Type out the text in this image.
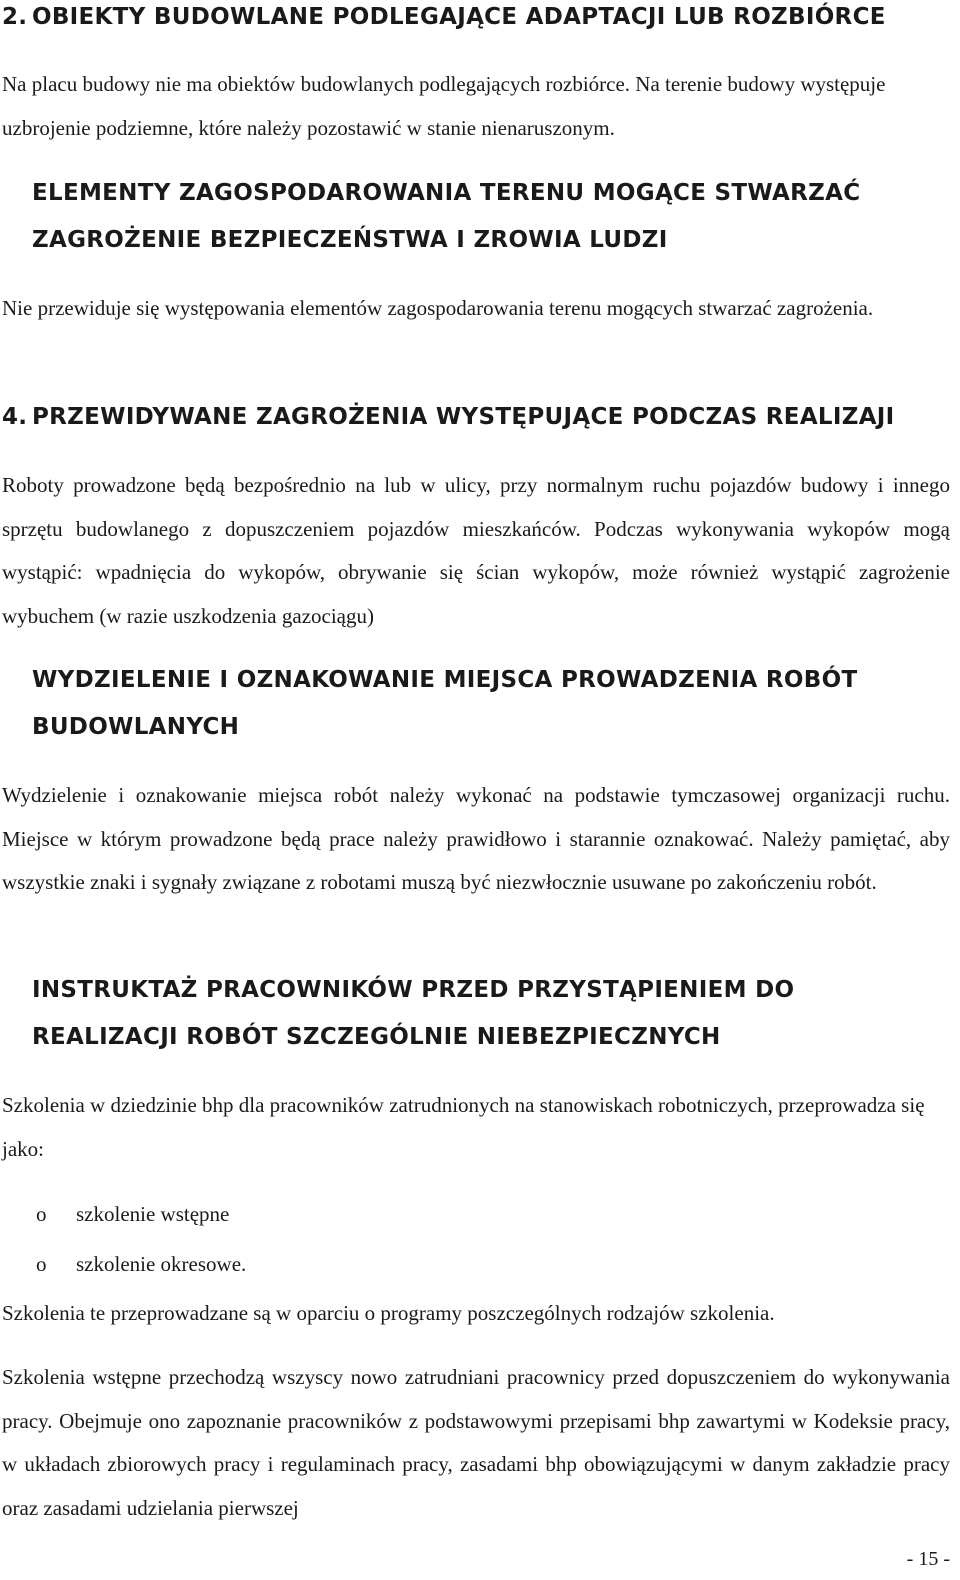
2. OBIEKTY BUDOWLANE PODLEGAJĄCE ADAPTACJI LUB ROZBIÓRCE

Na placu budowy nie ma obiektów budowlanych podlegających rozbiórce. Na terenie budowy występuje uzbrojenie podziemne, które należy pozostawić w stanie nienaruszonym.

ELEMENTY ZAGOSPODAROWANIA TERENU MOGĄCE STWARZAĆ ZAGROŻENIE BEZPIECZEŃSTWA I ZROWIA LUDZI

Nie przewiduje się występowania elementów zagospodarowania terenu mogących stwarzać zagrożenia.

4. PRZEWIDYWANE ZAGROŻENIA WYSTĘPUJĄCE PODCZAS REALIZAJI

Roboty prowadzone będą bezpośrednio na lub w ulicy, przy normalnym ruchu pojazdów budowy i innego sprzętu budowlanego z dopuszczeniem pojazdów mieszkańców. Podczas wykonywania wykopów mogą wystąpić: wpadnięcia do wykopów, obrywanie się ścian wykopów, może również wystąpić zagrożenie wybuchem (w razie uszkodzenia gazociągu)

WYDZIELENIE I OZNAKOWANIE MIEJSCA PROWADZENIA ROBÓT BUDOWLANYCH

Wydzielenie i oznakowanie miejsca robót należy wykonać na podstawie tymczasowej organizacji ruchu. Miejsce w którym prowadzone będą prace należy prawidłowo i starannie oznakować. Należy pamiętać, aby wszystkie znaki i sygnały związane z robotami muszą być niezwłocznie usuwane po zakończeniu robót.

INSTRUKTAŻ PRACOWNIKÓW PRZED PRZYSTĄPIENIEM DO REALIZACJI ROBÓT SZCZEGÓLNIE NIEBEZPIECZNYCH

Szkolenia w dziedzinie bhp dla pracowników zatrudnionych na stanowiskach robotniczych, przeprowadza się jako:

o szkolenie wstępne
o szkolenie okresowe.

Szkolenia te przeprowadzane są w oparciu o programy poszczególnych rodzajów szkolenia.

Szkolenia wstępne przechodzą wszyscy nowo zatrudniani pracownicy przed dopuszczeniem do wykonywania pracy. Obejmuje ono zapoznanie pracowników z podstawowymi przepisami bhp zawartymi w Kodeksie pracy, w układach zbiorowych pracy i regulaminach pracy, zasadami bhp obowiązującymi w danym zakładzie pracy oraz zasadami udzielania pierwszej

- 15 -
